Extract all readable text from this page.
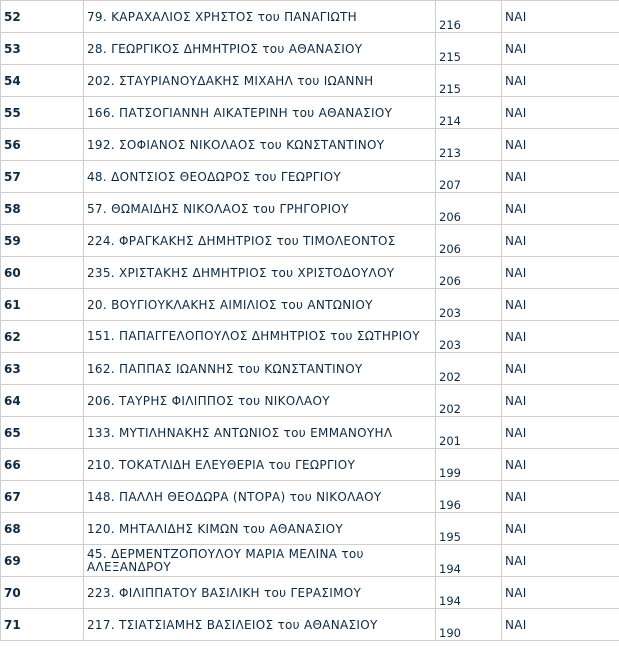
52	79. ΚΑΡΑΧΑΛΙΟΣ ΧΡΗΣΤΟΣ του ΠΑΝΑΓΙΩΤΗ	216	ΝΑΙ
53	28. ΓΕΩΡΓΙΚΟΣ ΔΗΜΗΤΡΙΟΣ του ΑΘΑΝΑΣΙΟΥ	215	ΝΑΙ
54	202. ΣΤΑΥΡΙΑΝΟΥΔΑΚΗΣ ΜΙΧΑΗΛ του ΙΩΑΝΝΗ	215	ΝΑΙ
55	166. ΠΑΤΣΟΓΙΑΝΝΗ ΑΙΚΑΤΕΡΙΝΗ του ΑΘΑΝΑΣΙΟΥ	214	ΝΑΙ
56	192. ΣΟΦΙΑΝΟΣ ΝΙΚΟΛΑΟΣ του ΚΩΝΣΤΑΝΤΙΝΟΥ	213	ΝΑΙ
57	48. ΔΟΝΤΣΙΟΣ ΘΕΟΔΩΡΟΣ του ΓΕΩΡΓΙΟΥ	207	ΝΑΙ
58	57. ΘΩΜΑΙΔΗΣ ΝΙΚΟΛΑΟΣ του ΓΡΗΓΟΡΙΟΥ	206	ΝΑΙ
59	224. ΦΡΑΓΚΑΚΗΣ ΔΗΜΗΤΡΙΟΣ του ΤΙΜΟΛΕΟΝΤΟΣ	206	ΝΑΙ
60	235. ΧΡΙΣΤΑΚΗΣ ΔΗΜΗΤΡΙΟΣ του ΧΡΙΣΤΟΔΟΥΛΟΥ	206	ΝΑΙ
61	20. ΒΟΥΓΙΟΥΚΛΑΚΗΣ ΑΙΜΙΛΙΟΣ του ΑΝΤΩΝΙΟΥ	203	ΝΑΙ
62	151. ΠΑΠΑΓΓΕΛΟΠΟΥΛΟΣ ΔΗΜΗΤΡΙΟΣ του ΣΩΤΗΡΙΟΥ	203	ΝΑΙ
63	162. ΠΑΠΠΑΣ ΙΩΑΝΝΗΣ του ΚΩΝΣΤΑΝΤΙΝΟΥ	202	ΝΑΙ
64	206. ΤΑΥΡΗΣ ΦΙΛΙΠΠΟΣ του ΝΙΚΟΛΑΟΥ	202	ΝΑΙ
65	133. ΜΥΤΙΛΗΝΑΚΗΣ ΑΝΤΩΝΙΟΣ του ΕΜΜΑΝΟΥΗΛ	201	ΝΑΙ
66	210. ΤΟΚΑΤΛΙΔΗ ΕΛΕΥΘΕΡΙΑ του ΓΕΩΡΓΙΟΥ	199	ΝΑΙ
67	148. ΠΑΛΛΗ ΘΕΟΔΩΡΑ (ΝΤΟΡΑ) του ΝΙΚΟΛΑΟΥ	196	ΝΑΙ
68	120. ΜΗΤΑΛΙΔΗΣ ΚΙΜΩΝ του ΑΘΑΝΑΣΙΟΥ	195	ΝΑΙ
69	45. ΔΕΡΜΕΝΤΖΟΠΟΥΛΟΥ ΜΑΡΙΑ ΜΕΛΙΝΑ του ΑΛΕΞΑΝΔΡΟΥ	194	ΝΑΙ
70	223. ΦΙΛΙΠΠΑΤΟΥ ΒΑΣΙΛΙΚΗ του ΓΕΡΑΣΙΜΟΥ	194	ΝΑΙ
71	217. ΤΣΙΑΤΣΙΑΜΗΣ ΒΑΣΙΛΕΙΟΣ του ΑΘΑΝΑΣΙΟΥ	190	ΝΑΙ
